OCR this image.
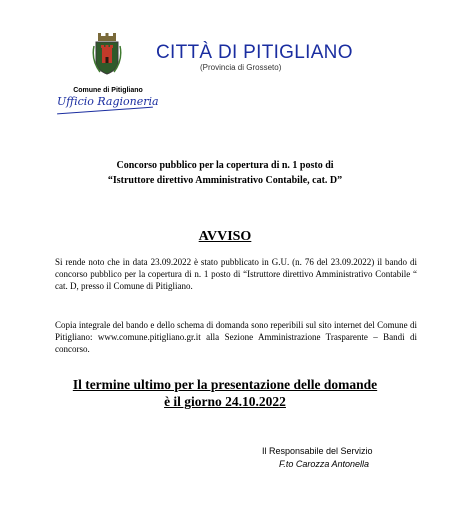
Comune di Pitigliano
Ufficio Ragioneria
CITTÀ DI PITIGLIANO
(Provincia di Grosseto)
Concorso pubblico per la copertura di n. 1 posto di
“Istruttore direttivo Amministrativo Contabile, cat. D”
AVVISO
Si rende noto che in data 23.09.2022 è stato pubblicato in G.U. (n. 76 del 23.09.2022) il bando di concorso pubblico per la copertura di n. 1 posto di “Istruttore direttivo Amministrativo Contabile “ cat. D, presso il Comune di Pitigliano.
Copia integrale del bando e dello schema di domanda sono reperibili sul sito internet del Comune di Pitigliano: www.comune.pitigliano.gr.it alla Sezione Amministrazione Trasparente – Bandi di concorso.
Il termine ultimo per la presentazione delle domande
è il giorno 24.10.2022
Il Responsabile del Servizio
F.to Carozza Antonella
